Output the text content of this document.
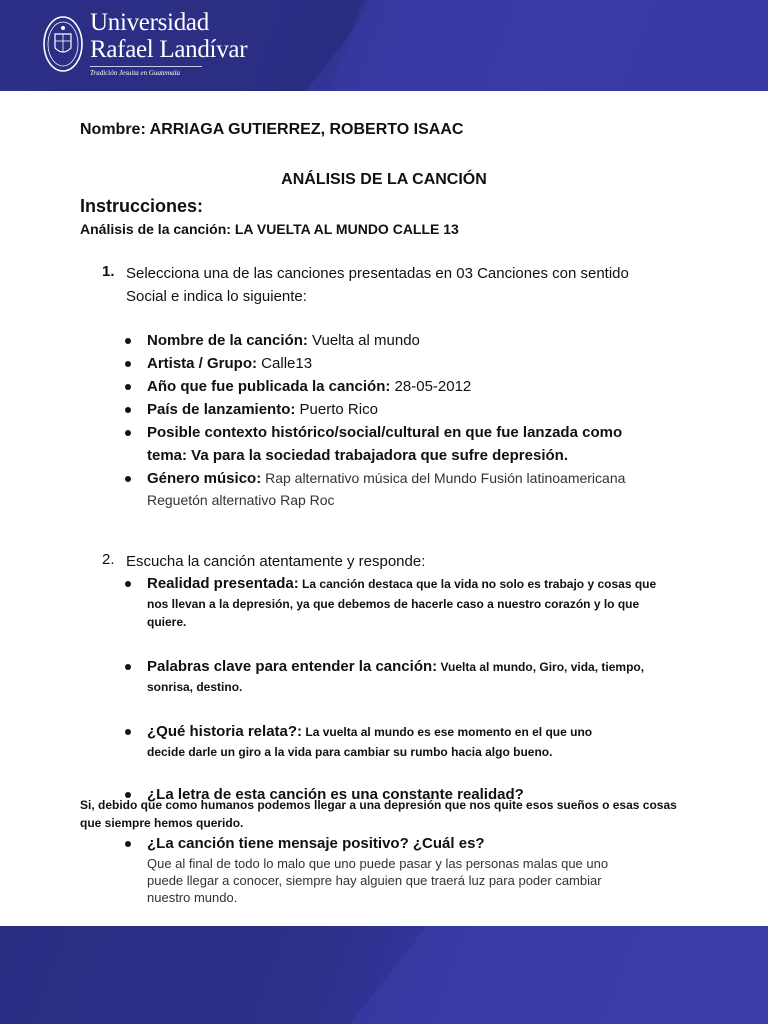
Universidad
Rafael Landívar
Tradición Jesuita en Guatemala
Nombre: ARRIAGA GUTIERREZ, ROBERTO ISAAC
ANÁLISIS DE LA CANCIÓN
Instrucciones:
Análisis de la canción: LA VUELTA AL MUNDO CALLE 13
1. Selecciona una de las canciones presentadas en 03 Canciones con sentido
Social e indica lo siguiente:
Nombre de la canción: Vuelta al mundo
Artista / Grupo: Calle13
Año que fue publicada la canción: 28-05-2012
País de lanzamiento: Puerto Rico
Posible contexto histórico/social/cultural en que fue lanzada como
tema: Va para la sociedad trabajadora que sufre depresión.
Género músico: Rap alternativo música del Mundo Fusión latinoamericana
Reguetón alternativo Rap Roc
2. Escucha la canción atentamente y responde:
Realidad presentada: La canción destaca que la vida no solo es trabajo y cosas que
nos llevan a la depresión, ya que debemos de hacerle caso a nuestro corazón y lo que
quiere.
Palabras clave para entender la canción: Vuelta al mundo, Giro, vida, tiempo,
sonrisa, destino.
¿Qué historia relata?: La vuelta al mundo es ese momento en el que uno
decide darle un giro a la vida para cambiar su rumbo hacia algo bueno.
¿La letra de esta canción es una constante realidad?
Si, debido que como humanos podemos llegar a una depresión que nos quite esos sueños o esas cosas
que siempre hemos querido.
¿La canción tiene mensaje positivo? ¿Cuál es?
Que al final de todo lo malo que uno puede pasar y las personas malas que uno
puede llegar a conocer, siempre hay alguien que traerá luz para poder cambiar
nuestro mundo.
